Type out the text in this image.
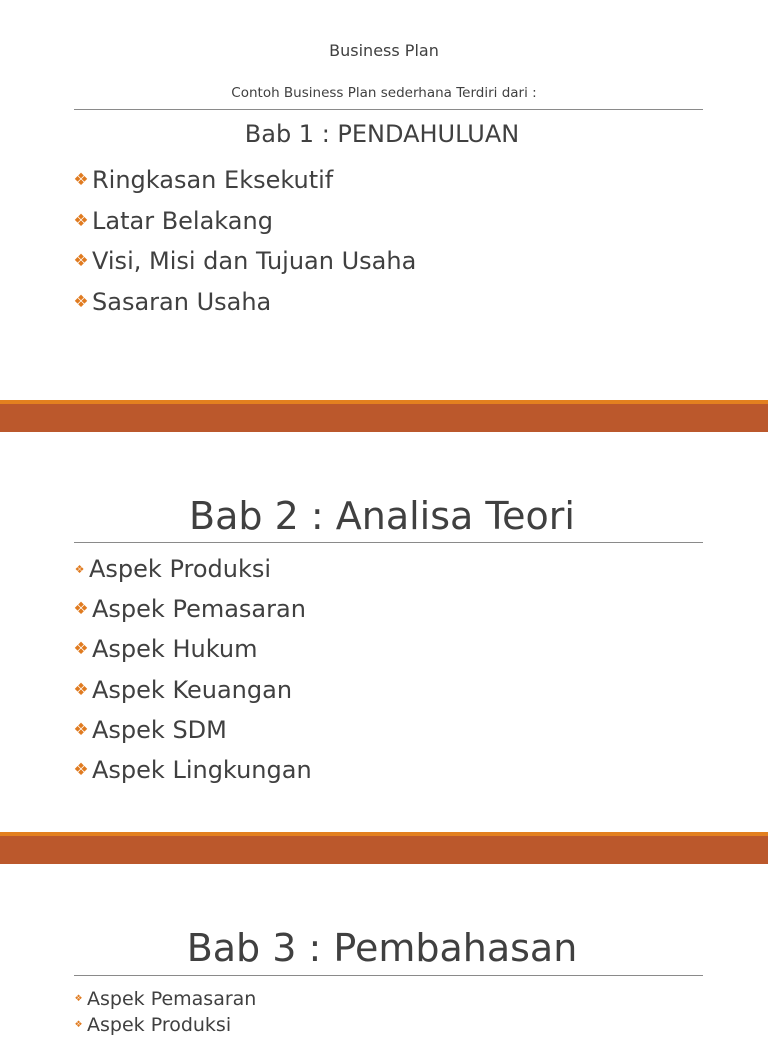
Business Plan
Contoh Business Plan sederhana Terdiri dari :
Bab 1 : PENDAHULUAN
❖ Ringkasan Eksekutif
❖ Latar Belakang
❖ Visi, Misi dan Tujuan Usaha
❖ Sasaran Usaha
Bab 2 : Analisa Teori
❖ Aspek Produksi
❖ Aspek Pemasaran
❖ Aspek Hukum
❖ Aspek Keuangan
❖ Aspek SDM
❖ Aspek Lingkungan
Bab 3 : Pembahasan
❖ Aspek Pemasaran
❖ Aspek Produksi
